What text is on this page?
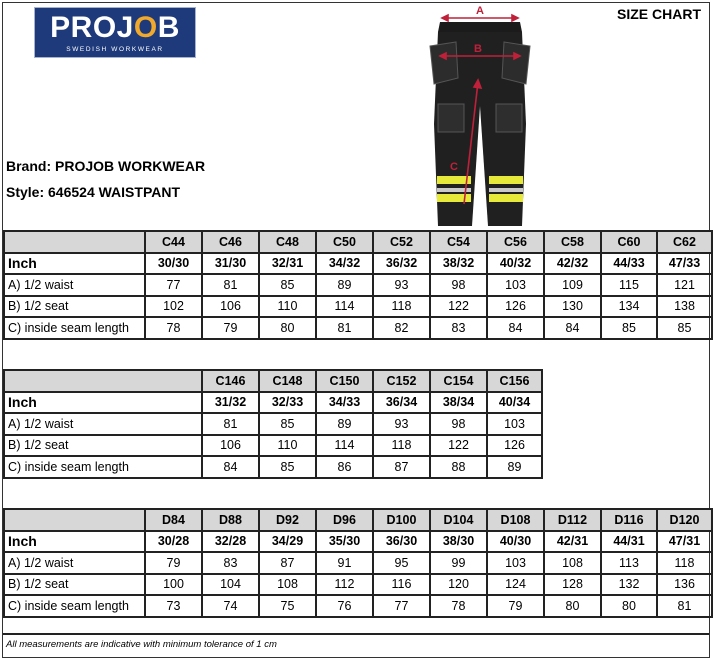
PROJOB
SWEDISH WORKWEAR
SIZE CHART
Brand: PROJOB WORKWEAR
Style: 646524 WAISTPANT
A
B
C
	C44	C46	C48	C50	C52	C54	C56	C58	C60	C62
Inch	30/30	31/30	32/31	34/32	36/32	38/32	40/32	42/32	44/33	47/33
A) 1/2 waist	77	81	85	89	93	98	103	109	115	121
B) 1/2 seat	102	106	110	114	118	122	126	130	134	138
C) inside seam length	78	79	80	81	82	83	84	84	85	85
	C146	C148	C150	C152	C154	C156
Inch	31/32	32/33	34/33	36/34	38/34	40/34
A) 1/2 waist	81	85	89	93	98	103
B) 1/2 seat	106	110	114	118	122	126
C) inside seam length	84	85	86	87	88	89
	D84	D88	D92	D96	D100	D104	D108	D112	D116	D120
Inch	30/28	32/28	34/29	35/30	36/30	38/30	40/30	42/31	44/31	47/31
A) 1/2 waist	79	83	87	91	95	99	103	108	113	118
B) 1/2 seat	100	104	108	112	116	120	124	128	132	136
C) inside seam length	73	74	75	76	77	78	79	80	80	81
All measurements are indicative with minimum tolerance of 1 cm
